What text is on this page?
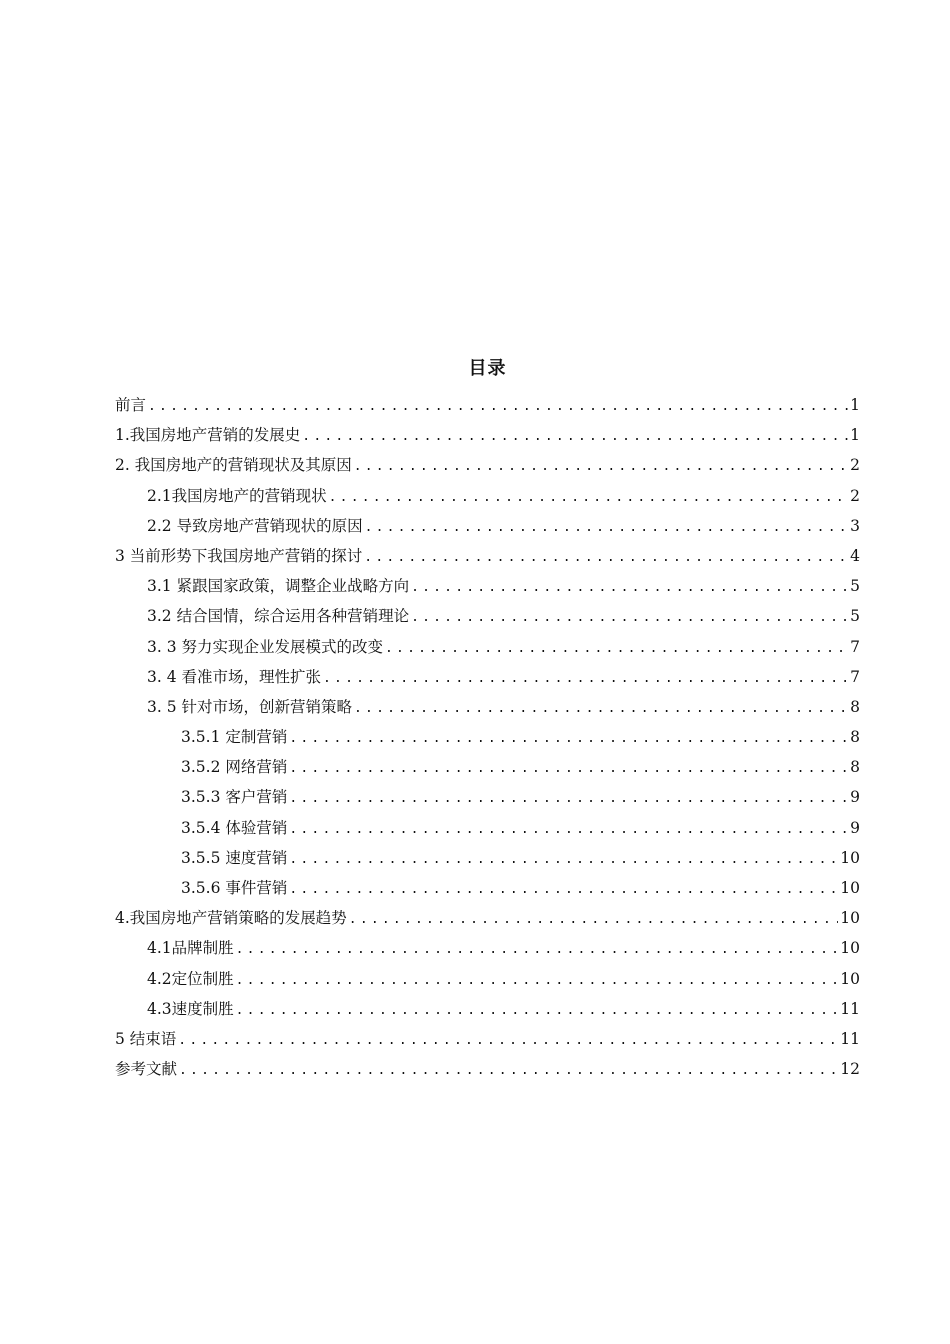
目录
前言 .....	1
1.我国房地产营销的发展史 .....	1
2. 我国房地产的营销现状及其原因 .....	2
2.1我国房地产的营销现状 .....	2
2.2 导致房地产营销现状的原因 .....	3
3 当前形势下我国房地产营销的探讨 .....	4
3.1 紧跟国家政策，调整企业战略方向 .....	5
3.2 结合国情，综合运用各种营销理论 .....	5
3. 3 努力实现企业发展模式的改变 .....	7
3. 4 看准市场，理性扩张 .....	7
3. 5 针对市场，创新营销策略 .....	8
3.5.1 定制营销 .....	8
3.5.2 网络营销 .....	8
3.5.3 客户营销 .....	9
3.5.4 体验营销 .....	9
3.5.5 速度营销 .....	10
3.5.6 事件营销 .....	10
4.我国房地产营销策略的发展趋势 .....	10
4.1品牌制胜 .....	10
4.2定位制胜 .....	10
4.3速度制胜 .....	11
5 结束语 .....	11
参考文献 .....	12
